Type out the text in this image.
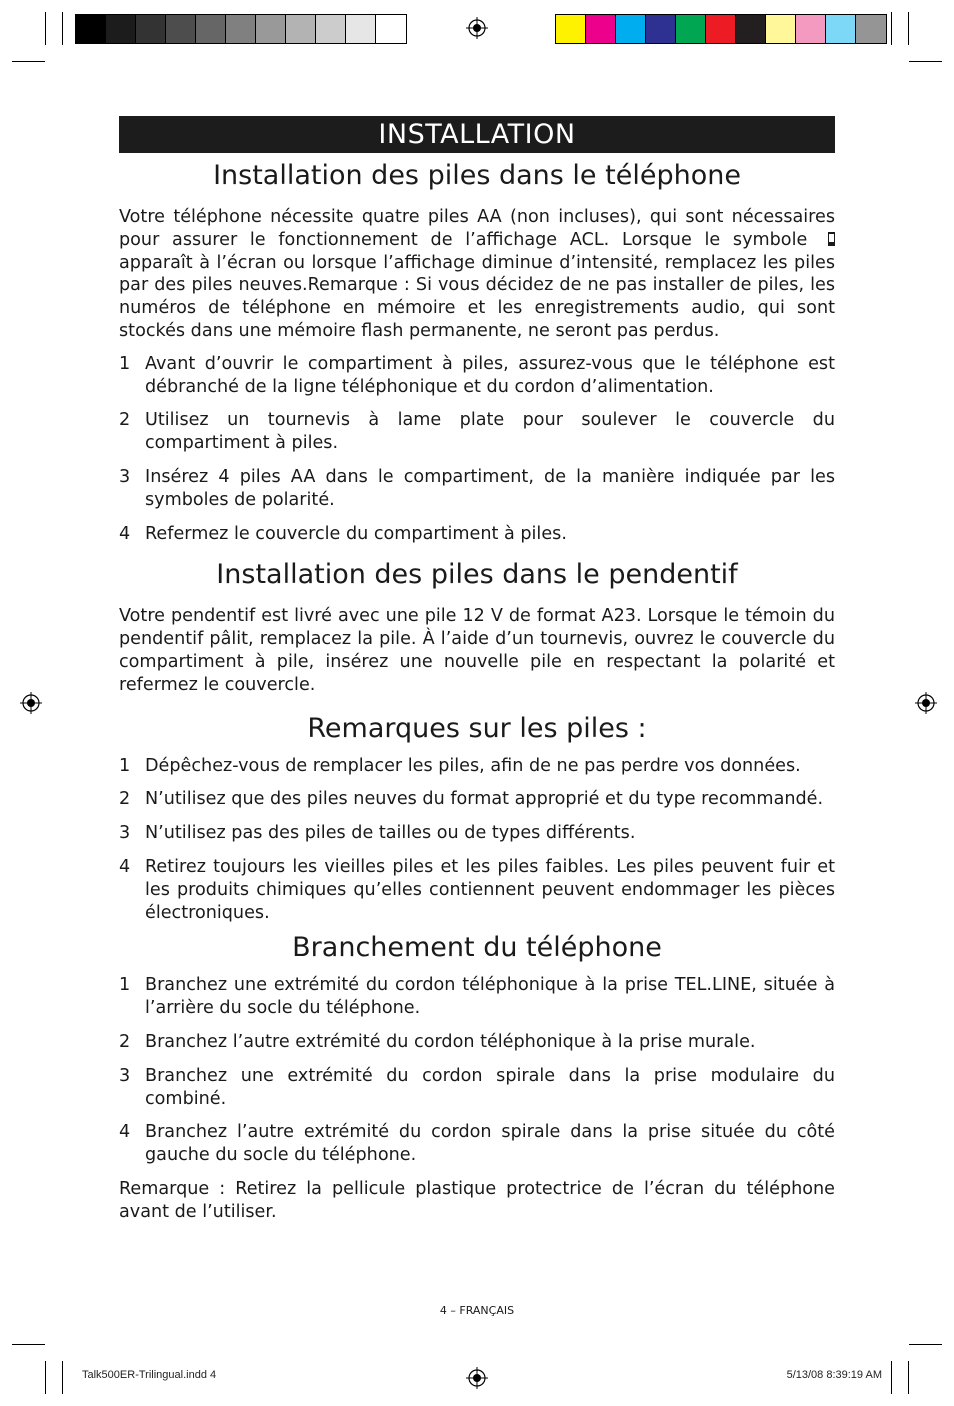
INSTALLATION
Installation des piles dans le téléphone

Votre téléphone nécessite quatre piles AA (non incluses), qui sont nécessaires pour assurer le fonctionnement de l’affichage ACL. Lorsque le symbole  apparaît à l’écran ou lorsque l’affichage diminue d’intensité, remplacez les piles par des piles neuves.Remarque : Si vous décidez de ne pas installer de piles, les numéros de téléphone en mémoire et les enregistrements audio, qui sont stockés dans une mémoire flash permanente, ne seront pas perdus.

1 Avant d’ouvrir le compartiment à piles, assurez-vous que le téléphone est débranché de la ligne téléphonique et du cordon d’alimentation.
2 Utilisez un tournevis à lame plate pour soulever le couvercle du compartiment à piles.
3 Insérez 4 piles AA dans le compartiment, de la manière indiquée par les symboles de polarité.
4 Refermez le couvercle du compartiment à piles.
Installation des piles dans le pendentif

Votre pendentif est livré avec une pile 12 V de format A23. Lorsque le témoin du pendentif pâlit, remplacez la pile. À l’aide d’un tournevis, ouvrez le couvercle du compartiment à pile, insérez une nouvelle pile en respectant la polarité et refermez le couvercle.

Remarques sur les piles :
1 Dépêchez-vous de remplacer les piles, afin de ne pas perdre vos données.
2 N’utilisez que des piles neuves du format approprié et du type recommandé.
3 N’utilisez pas des piles de tailles ou de types différents.
4 Retirez toujours les vieilles piles et les piles faibles. Les piles peuvent fuir et les produits chimiques qu’elles contiennent peuvent endommager les pièces électroniques.
Branchement du téléphone
1 Branchez une extrémité du cordon téléphonique à la prise TEL.LINE, située à l’arrière du socle du téléphone.
2 Branchez l’autre extrémité du cordon téléphonique à la prise murale.
3 Branchez une extrémité du cordon spirale dans la prise modulaire du combiné.
4 Branchez l’autre extrémité du cordon spirale dans la prise située du côté gauche du socle du téléphone.

Remarque : Retirez la pellicule plastique protectrice de l’écran du téléphone avant de l’utiliser.

4 – FRANÇAIS
Talk500ER-Trilingual.indd 4	5/13/08 8:39:19 AM
